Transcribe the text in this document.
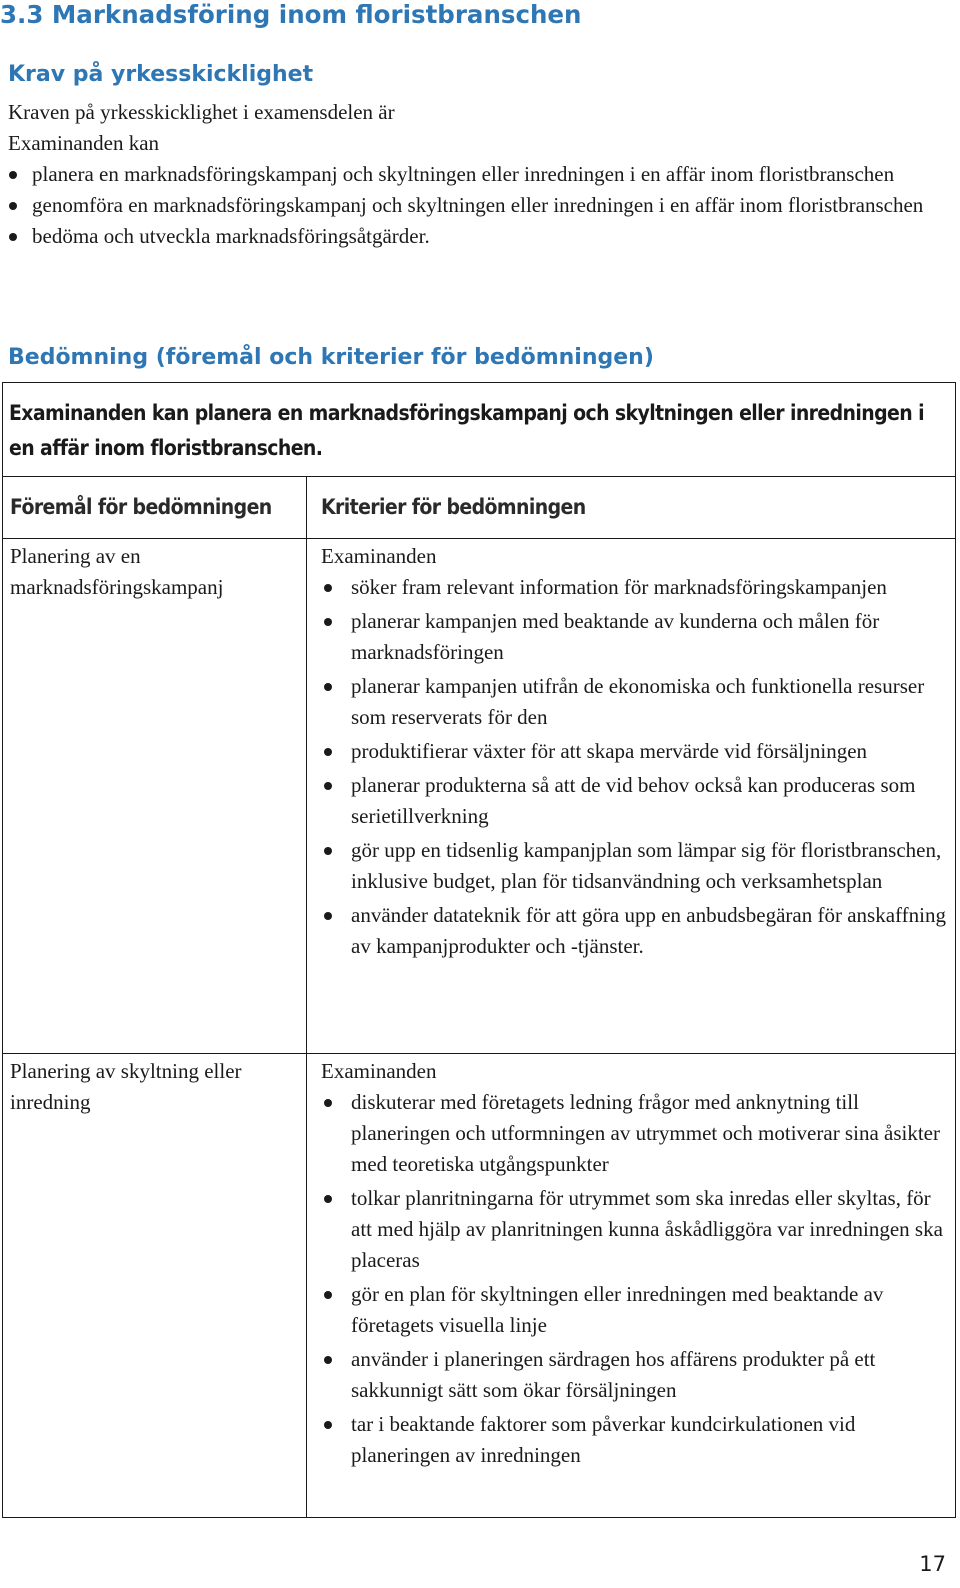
3.3 Marknadsföring inom floristbranschen
Krav på yrkesskicklighet

Kraven på yrkesskicklighet i examensdelen är

Examinanden kan

planera en marknadsföringskampanj och skyltningen eller inredningen i en affär inom floristbranschen
genomföra en marknadsföringskampanj och skyltningen eller inredningen i en affär inom floristbranschen
bedöma och utveckla marknadsföringsåtgärder.
Bedömning (föremål och kriterier för bedömningen)
Examinanden kan planera en marknadsföringskampanj och skyltningen eller inredningen i en affär inom floristbranschen.
Föremål för bedömningen Kriterier för bedömningen
Planering av en marknadsföringskampanj

Examinanden

söker fram relevant information för marknadsföringskampanjen
planerar kampanjen med beaktande av kunderna och målen för marknadsföringen
planerar kampanjen utifrån de ekonomiska och funktionella resurser som reserverats för den
produktifierar växter för att skapa mervärde vid försäljningen
planerar produkterna så att de vid behov också kan produceras som serietillverkning
gör upp en tidsenlig kampanjplan som lämpar sig för floristbranschen, inklusive budget, plan för tidsanvändning och verksamhetsplan
använder datateknik för att göra upp en anbudsbegäran för anskaffning av kampanjprodukter och -tjänster.
Planering av skyltning eller inredning

Examinanden

diskuterar med företagets ledning frågor med anknytning till planeringen och utformningen av utrymmet och motiverar sina åsikter med teoretiska utgångspunkter
tolkar planritningarna för utrymmet som ska inredas eller skyltas, för att med hjälp av planritningen kunna åskådliggöra var inredningen ska placeras
gör en plan för skyltningen eller inredningen med beaktande av företagets visuella linje
använder i planeringen särdragen hos affärens produkter på ett sakkunnigt sätt som ökar försäljningen
tar i beaktande faktorer som påverkar kundcirkulationen vid planeringen av inredningen
17
